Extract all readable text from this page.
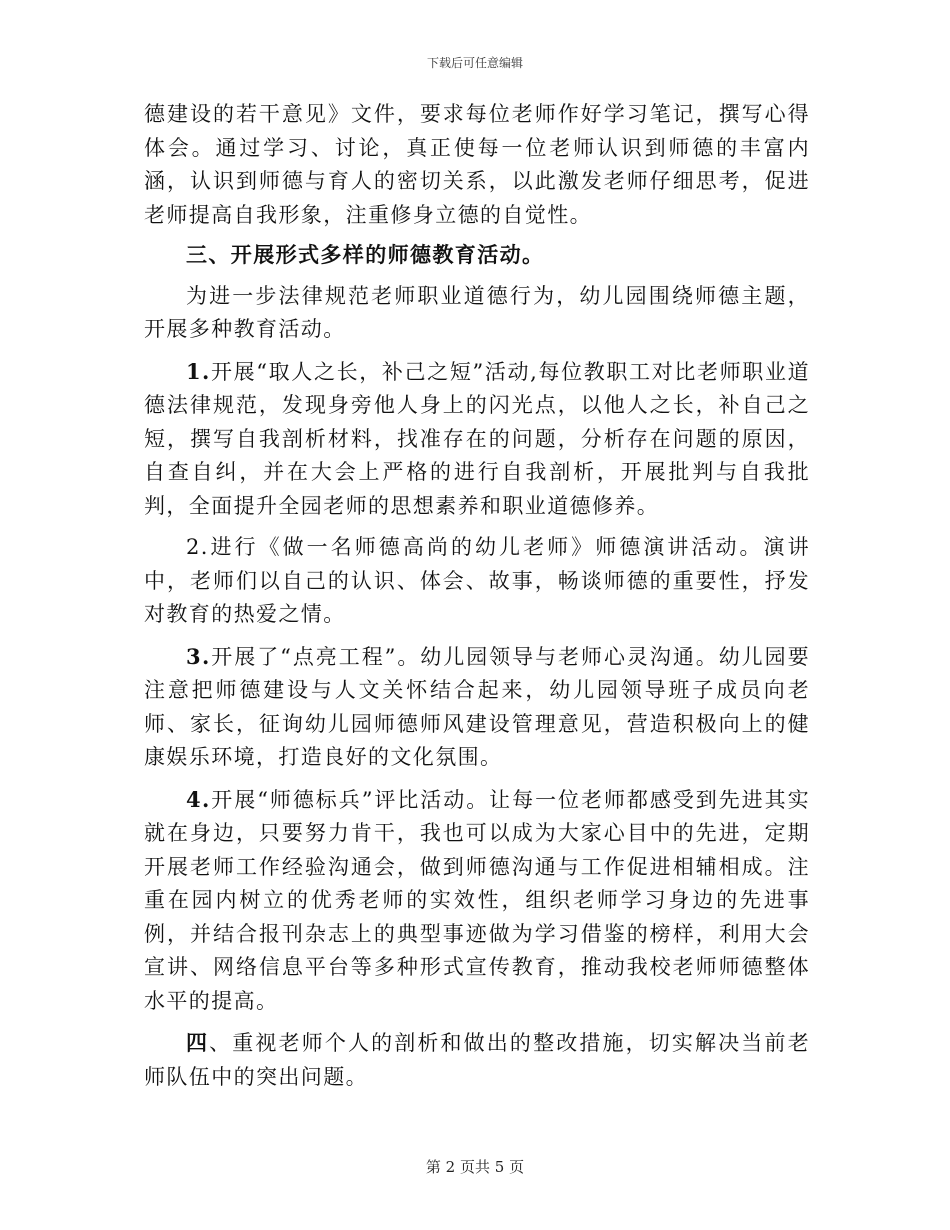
下载后可任意编辑

德建设的若干意见》文件，要求每位老师作好学习笔记，撰写心得体会。通过学习、讨论，真正使每一位老师认识到师德的丰富内涵，认识到师德与育人的密切关系，以此激发老师仔细思考，促进老师提高自我形象，注重修身立德的自觉性。

三、开展形式多样的师德教育活动。

为进一步法律规范老师职业道德行为，幼儿园围绕师德主题，开展多种教育活动。

1.开展“取人之长，补己之短”活动,每位教职工对比老师职业道德法律规范，发现身旁他人身上的闪光点，以他人之长，补自己之短，撰写自我剖析材料，找准存在的问题，分析存在问题的原因，自查自纠，并在大会上严格的进行自我剖析，开展批判与自我批判，全面提升全园老师的思想素养和职业道德修养。

2.进行《做一名师德高尚的幼儿老师》师德演讲活动。演讲中，老师们以自己的认识、体会、故事，畅谈师德的重要性，抒发对教育的热爱之情。

3.开展了“点亮工程”。幼儿园领导与老师心灵沟通。幼儿园要注意把师德建设与人文关怀结合起来，幼儿园领导班子成员向老师、家长，征询幼儿园师德师风建设管理意见，营造积极向上的健康娱乐环境，打造良好的文化氛围。

4.开展“师德标兵”评比活动。让每一位老师都感受到先进其实就在身边，只要努力肯干，我也可以成为大家心目中的先进，定期开展老师工作经验沟通会，做到师德沟通与工作促进相辅相成。注重在园内树立的优秀老师的实效性，组织老师学习身边的先进事例，并结合报刊杂志上的典型事迹做为学习借鉴的榜样，利用大会宣讲、网络信息平台等多种形式宣传教育，推动我校老师师德整体水平的提高。

四、重视老师个人的剖析和做出的整改措施，切实解决当前老师队伍中的突出问题。

第 2 页共 5 页
